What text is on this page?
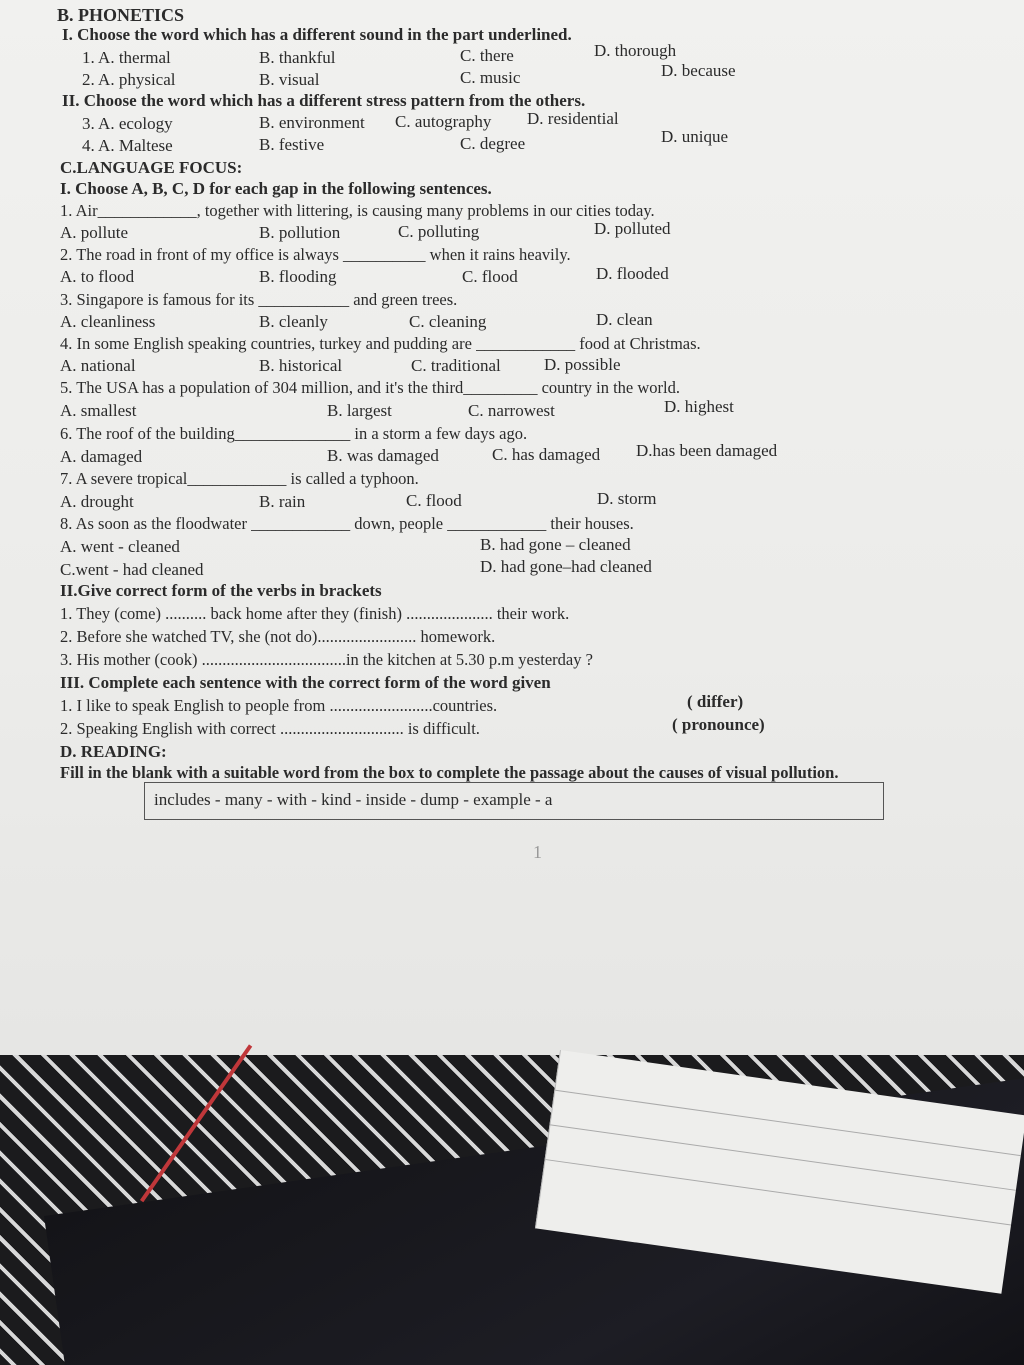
B. PHONETICS
I. Choose the word which has a different sound in the part underlined.
1. A. thermal	B. thankful	C. there	D. thorough
2. A. physical	B. visual	C. music	D. because
II. Choose the word which has a different stress pattern from the others.
3. A. ecology	B. environment C. autography D. residential
4. A. Maltese	B. festive	C. degree	D. unique
C.LANGUAGE FOCUS:
I. Choose A, B, C, D for each gap in the following sentences.
1. Air____________, together with littering, is causing many problems in our cities today.
A. pollute	B. pollution	C. polluting	D. polluted
2. The road in front of my office is always __________ when it rains heavily.
A. to flood	B. flooding	C. flood	D. flooded
3. Singapore is famous for its ___________ and green trees.
A. cleanliness	B. cleanly	C. cleaning	D. clean
4. In some English speaking countries, turkey and pudding are ____________ food at Christmas.
A. national	B. historical	C. traditional	D. possible
5. The USA has a population of 304 million, and it's the third_________ country in the world.
A. smallest	B. largest	C. narrowest	D. highest
6. The roof of the building______________ in a storm a few days ago.
A. damaged	B. was damaged	C. has damaged D.has been damaged
7. A severe tropical____________ is called a typhoon.
A. drought	B. rain	C. flood	D. storm
8. As soon as the floodwater ____________ down, people ____________ their houses.
A. went - cleaned	B. had gone – cleaned
C.went - had cleaned	D. had gone–had cleaned
II.Give correct form of the verbs in brackets
1. They (come) .......... back home after they (finish) ..................... their work.
2. Before she watched TV, she (not do)........................ homework.
3. His mother (cook) ...................................in the kitchen at 5.30 p.m yesterday ?
III. Complete each sentence with the correct form of the word given
1. I like to speak English to people from .........................countries.	( differ)
2. Speaking English with correct .............................. is difficult.	( pronounce)
D. READING:
Fill in the blank with a suitable word from the box to complete the passage about the causes of visual pollution.
includes - many - with - kind - inside - dump - example - a
1
